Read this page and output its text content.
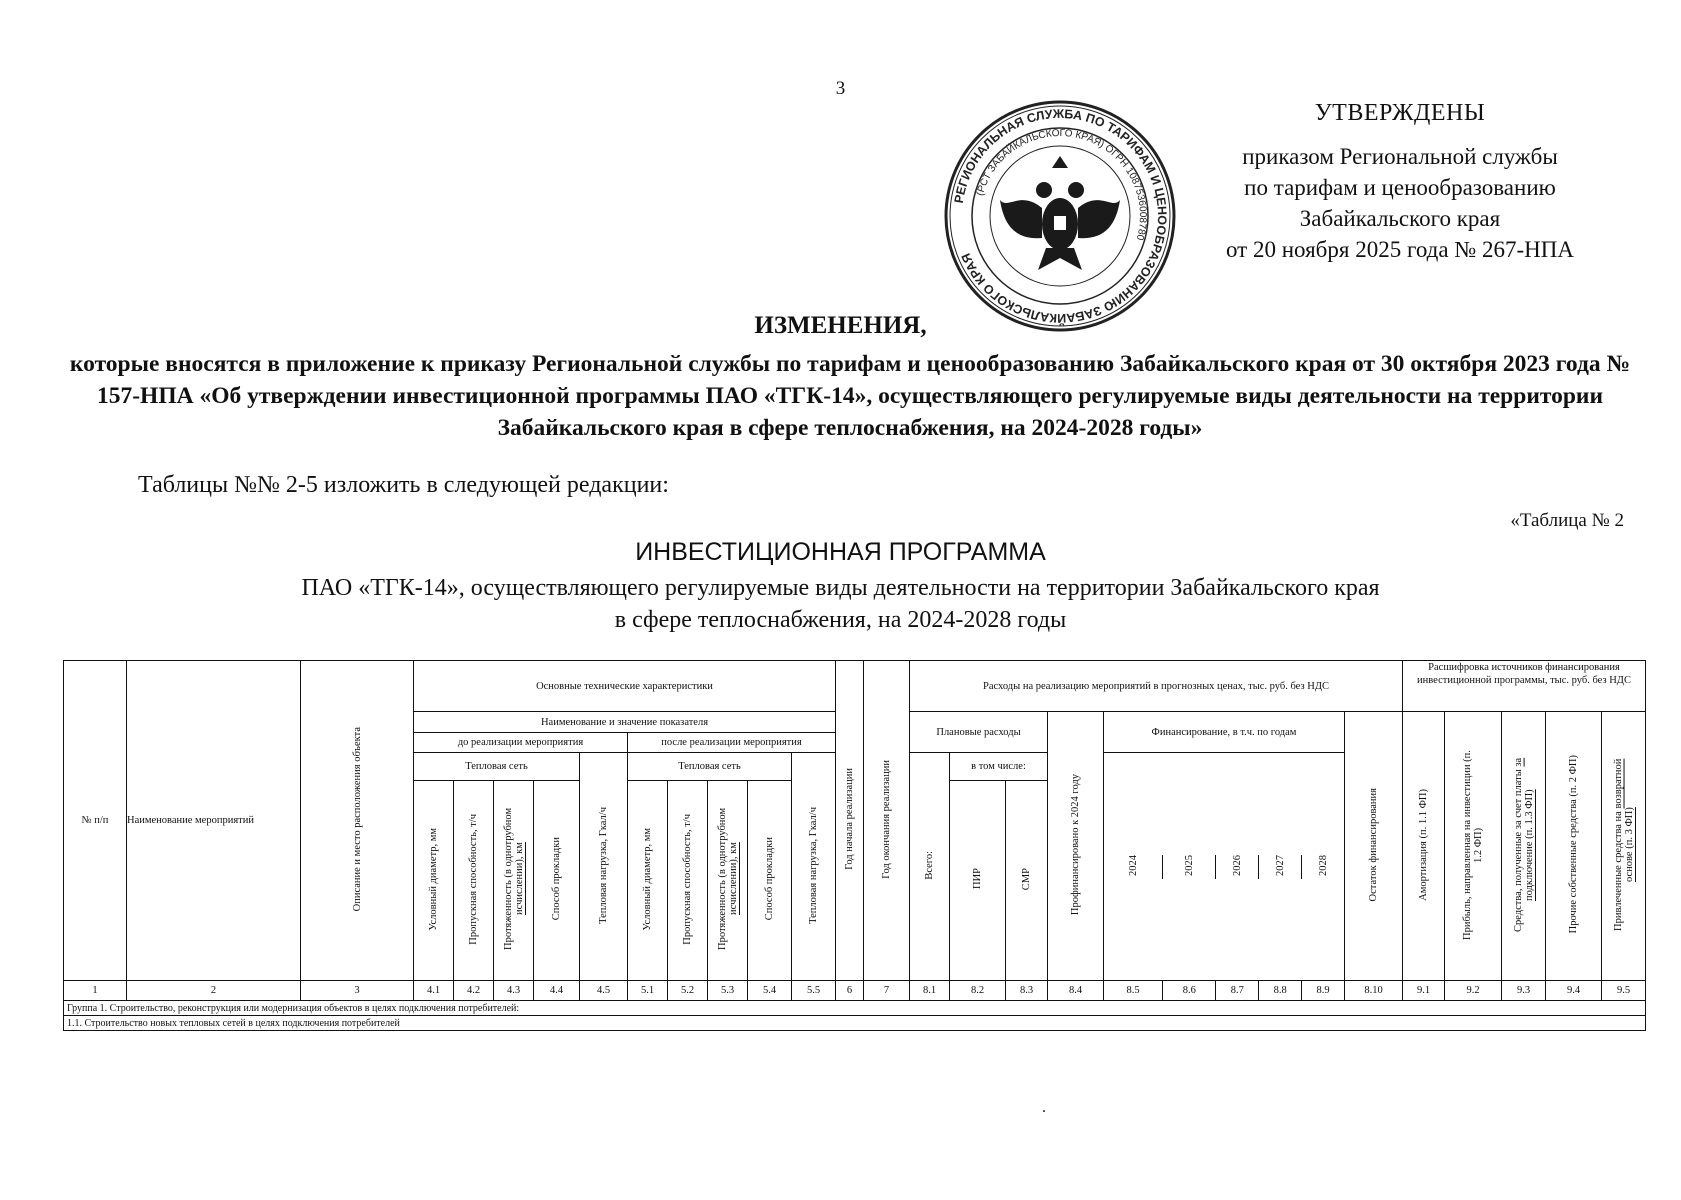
3
РЕГИОНАЛЬНАЯ СЛУЖБА ПО ТАРИФАМ И ЦЕНООБРАЗОВАНИЮ ЗАБАЙКАЛЬСКОГО КРАЯ
(РСТ ЗАБАЙКАЛЬСКОГО КРАЯ) ОГРН 1087536008780
УТВЕРЖДЕНЫ
приказом Региональной службы
по тарифам и ценообразованию
Забайкальского края
от 20 ноября 2025 года № 267-НПА
ИЗМЕНЕНИЯ,
которые вносятся в приложение к приказу Региональной службы по тарифам и ценообразованию Забайкальского края от 30 октября 2023 года № 157-НПА «Об утверждении инвестиционной программы ПАО «ТГК-14», осуществляющего регулируемые виды деятельности на территории Забайкальского края в сфере теплоснабжения, на 2024-2028 годы»
Таблицы №№ 2-5 изложить в следующей редакции:
«Таблица № 2
ИНВЕСТИЦИОННАЯ ПРОГРАММА
ПАО «ТГК-14», осуществляющего регулируемые виды деятельности на территории Забайкальского края
в сфере теплоснабжения, на 2024-2028 годы
№ п/п	Наименование мероприятий	Описание и место расположения объекта	Основные технические характеристики	Год начала реализации	Год окончания реализации	Расходы на реализацию мероприятий в прогнозных ценах, тыс. руб. без НДС	Расшифровка источников финансирования инвестиционной программы, тыс. руб. без НДС
Наименование и значение показателя	Плановые расходы	Профинансировано к 2024 году	Финансирование, в т.ч. по годам	Остаток финансирования	Амортизация (п. 1.1 ФП)	Прибыль, направленная на инвестиции (п. 1.2 ФП)	Средства, полученные за счет платы за подключение (п. 1.3 ФП)	Прочие собственные средства (п. 2 ФП)	Привлеченные средства на возвратной основе (п. 3 ФП)
до реализации мероприятия	после реализации мероприятия
Тепловая сеть	Тепловая нагрузка, Гкал/ч	Тепловая сеть	Тепловая нагрузка, Гкал/ч	Всего:	в том числе:	
2024	2025	2026	2027	2028

Условный диаметр, мм	Пропускная способность, т/ч	Протяженность (в однотрубном исчислении), км	Способ прокладки	Условный диаметр, мм	Пропускная способность, т/ч	Протяженность (в однотрубном исчислении), км	Способ прокладки	ПИР	СМР

1	2	3	4.1	4.2	4.3	4.4	4.5	5.1	5.2	5.3	5.4	5.5	6	7	8.1	8.2	8.3	8.4	8.5	8.6	8.7	8.8	8.9	8.10	9.1	9.2	9.3	9.4	9.5
Группа 1. Строительство, реконструкция или модернизация объектов в целях подключения потребителей:
1.1. Строительство новых тепловых сетей в целях подключения потребителей
.
